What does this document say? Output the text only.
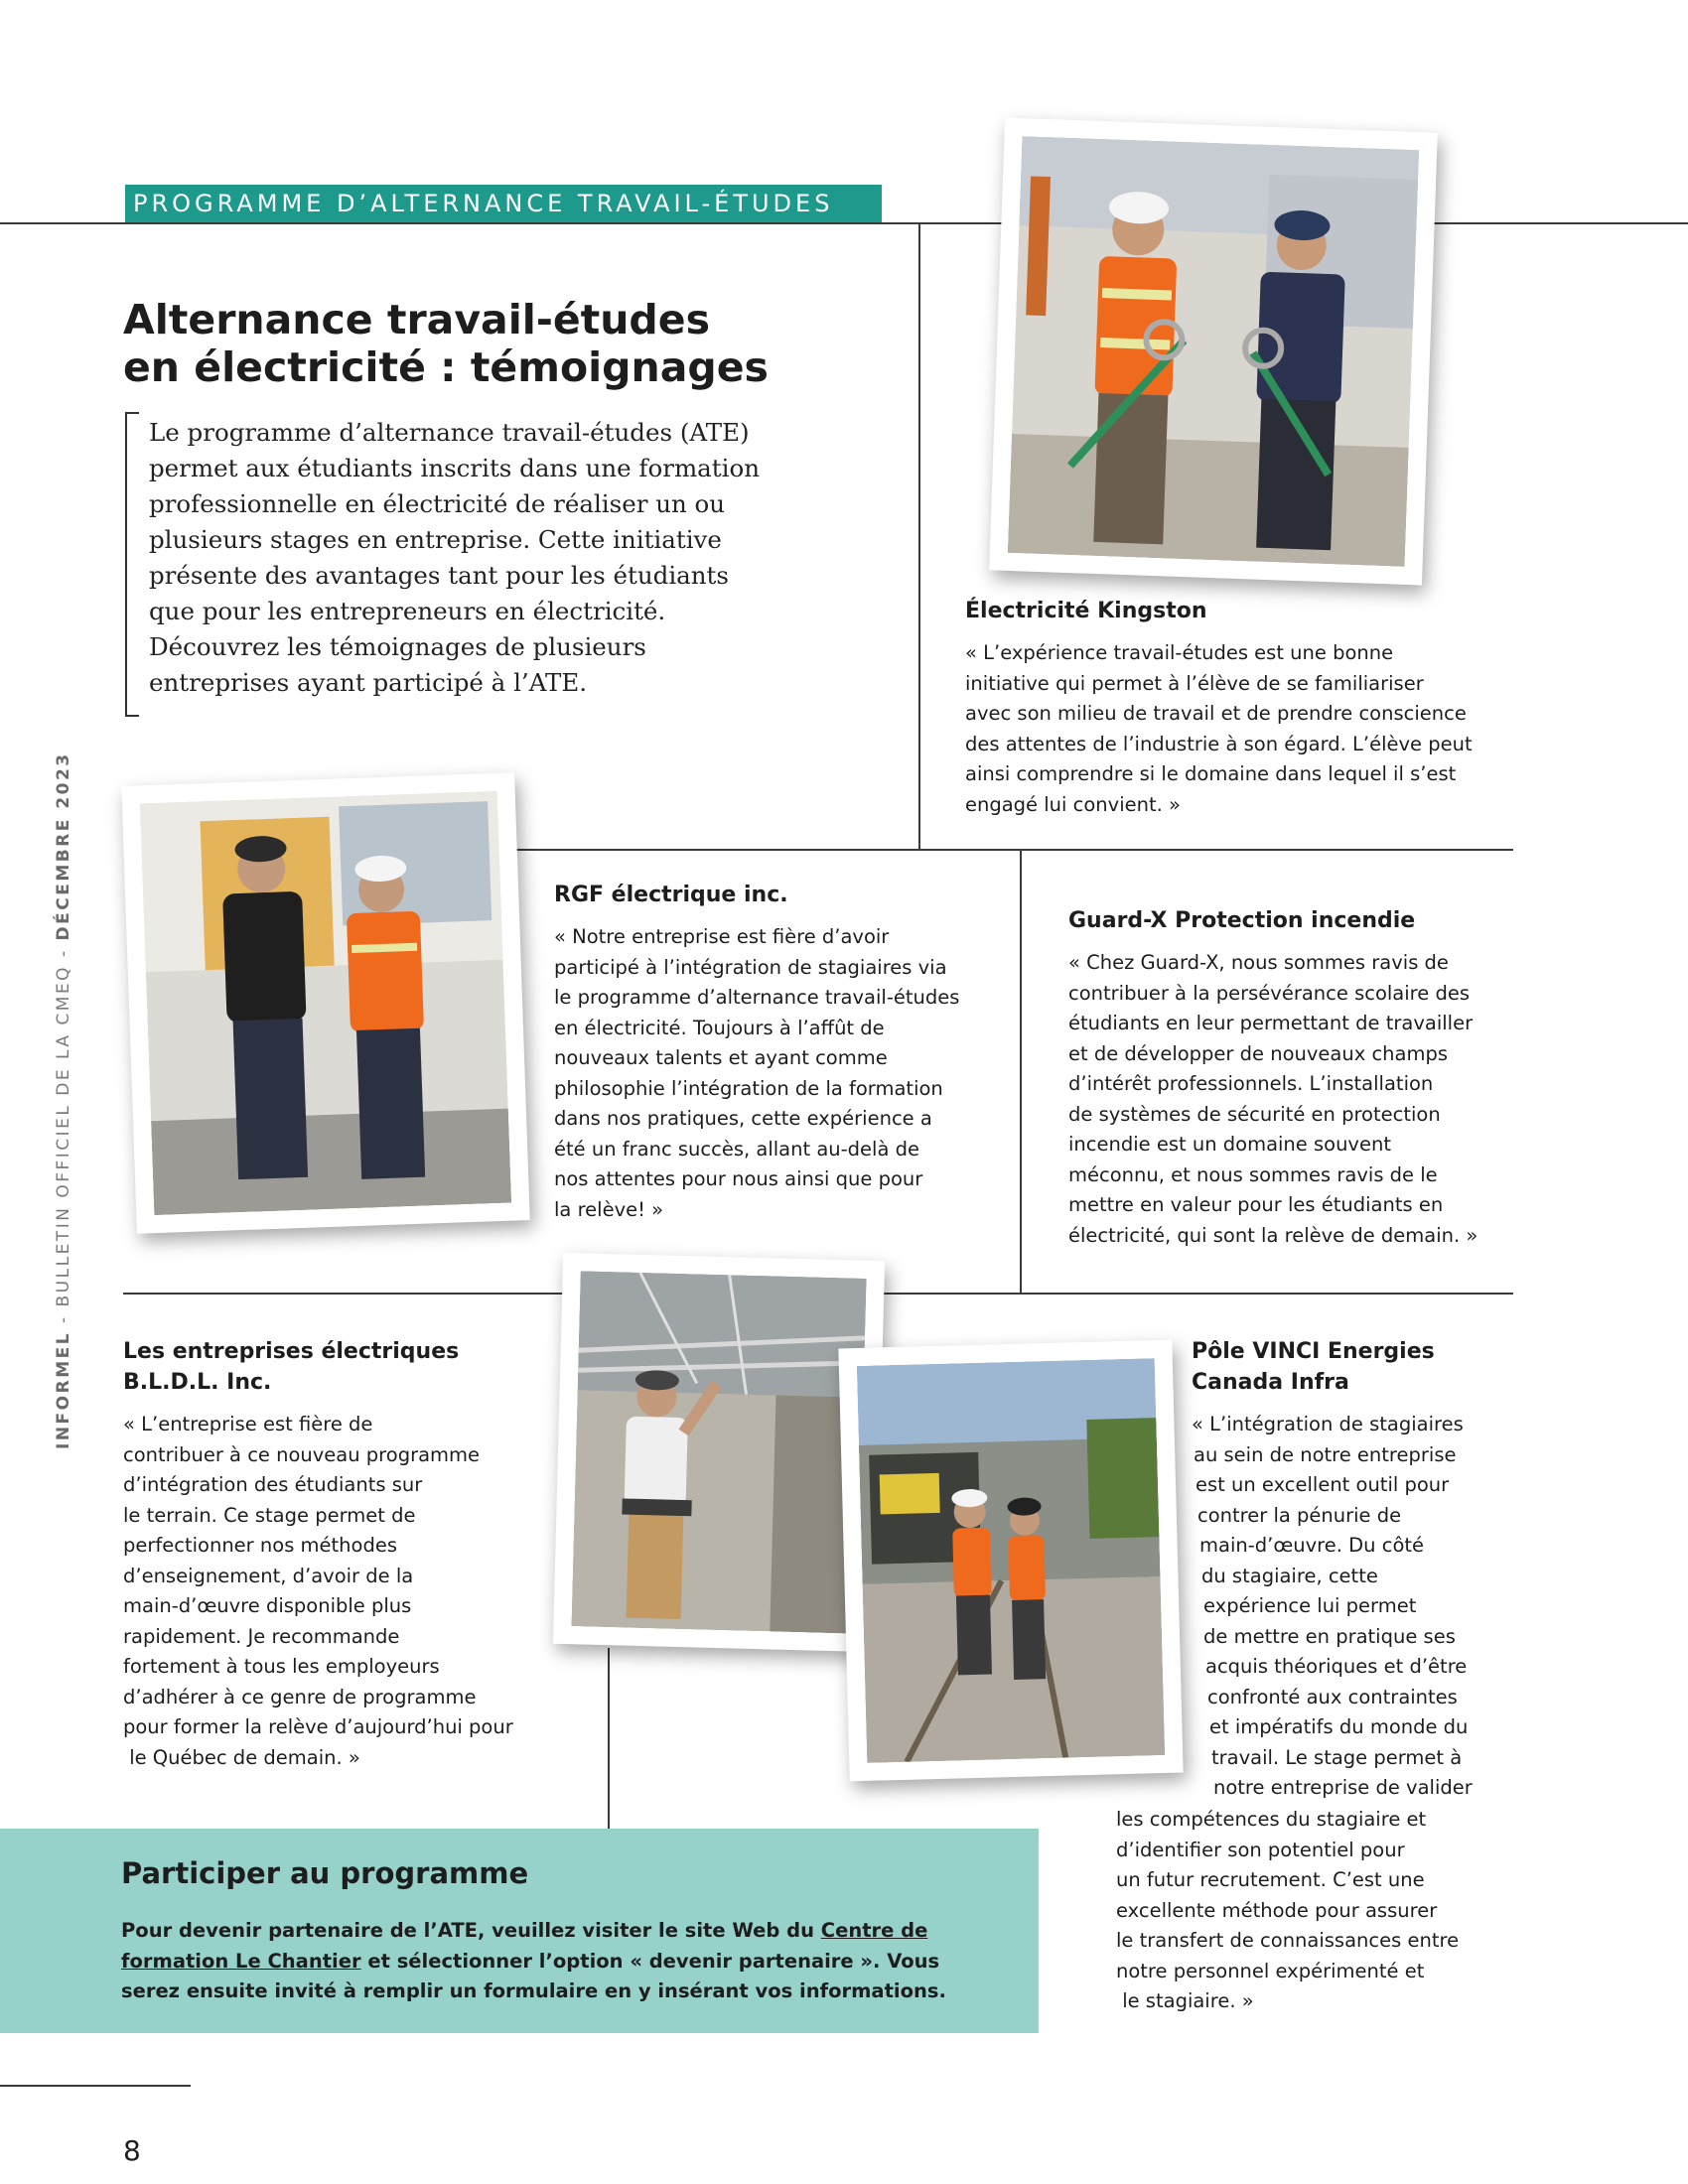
PROGRAMME D’ALTERNANCE TRAVAIL-ÉTUDES
Alternance travail-études
en électricité : témoignages
Le programme d’alternance travail-études (ATE)
permet aux étudiants inscrits dans une formation
professionnelle en électricité de réaliser un ou
plusieurs stages en entreprise. Cette initiative
présente des avantages tant pour les étudiants
que pour les entrepreneurs en électricité.
Découvrez les témoignages de plusieurs
entreprises ayant participé à l’ATE.
INFORMEL - BULLETIN OFFICIEL DE LA CMEQ - DÉCEMBRE 2023
Électricité Kingston
« L’expérience travail-études est une bonne
initiative qui permet à l’élève de se familiariser
avec son milieu de travail et de prendre conscience
des attentes de l’industrie à son égard. L’élève peut
ainsi comprendre si le domaine dans lequel il s’est
engagé lui convient. »
RGF électrique inc.
« Notre entreprise est fière d’avoir
participé à l’intégration de stagiaires via
le programme d’alternance travail-études
en électricité. Toujours à l’affût de
nouveaux talents et ayant comme
philosophie l’intégration de la formation
dans nos pratiques, cette expérience a
été un franc succès, allant au-delà de
nos attentes pour nous ainsi que pour
la relève! »
Guard-X Protection incendie
« Chez Guard-X, nous sommes ravis de
contribuer à la persévérance scolaire des
étudiants en leur permettant de travailler
et de développer de nouveaux champs
d’intérêt professionnels. L’installation
de systèmes de sécurité en protection
incendie est un domaine souvent
méconnu, et nous sommes ravis de le
mettre en valeur pour les étudiants en
électricité, qui sont la relève de demain. »
Les entreprises électriques
B.L.D.L. Inc.
« L’entreprise est fière de
contribuer à ce nouveau programme
d’intégration des étudiants sur
le terrain. Ce stage permet de
perfectionner nos méthodes
d’enseignement, d’avoir de la
main-d’œuvre disponible plus
rapidement. Je recommande
fortement à tous les employeurs
d’adhérer à ce genre de programme
pour former la relève d’aujourd’hui pour
le Québec de demain. »
Pôle VINCI Energies
Canada Infra
« L’intégration de stagiaires
au sein de notre entreprise
est un excellent outil pour
contrer la pénurie de
main-d’œuvre. Du côté
du stagiaire, cette
expérience lui permet
de mettre en pratique ses
acquis théoriques et d’être
confronté aux contraintes
et impératifs du monde du
travail. Le stage permet à
notre entreprise de valider
les compétences du stagiaire et
d’identifier son potentiel pour
un futur recrutement. C’est une
excellente méthode pour assurer
le transfert de connaissances entre
notre personnel expérimenté et
le stagiaire. »
Participer au programme
Pour devenir partenaire de l’ATE, veuillez visiter le site Web du Centre de formation Le Chantier et sélectionner l’option « devenir partenaire ». Vous serez ensuite invité à remplir un formulaire en y insérant vos informations.
8
